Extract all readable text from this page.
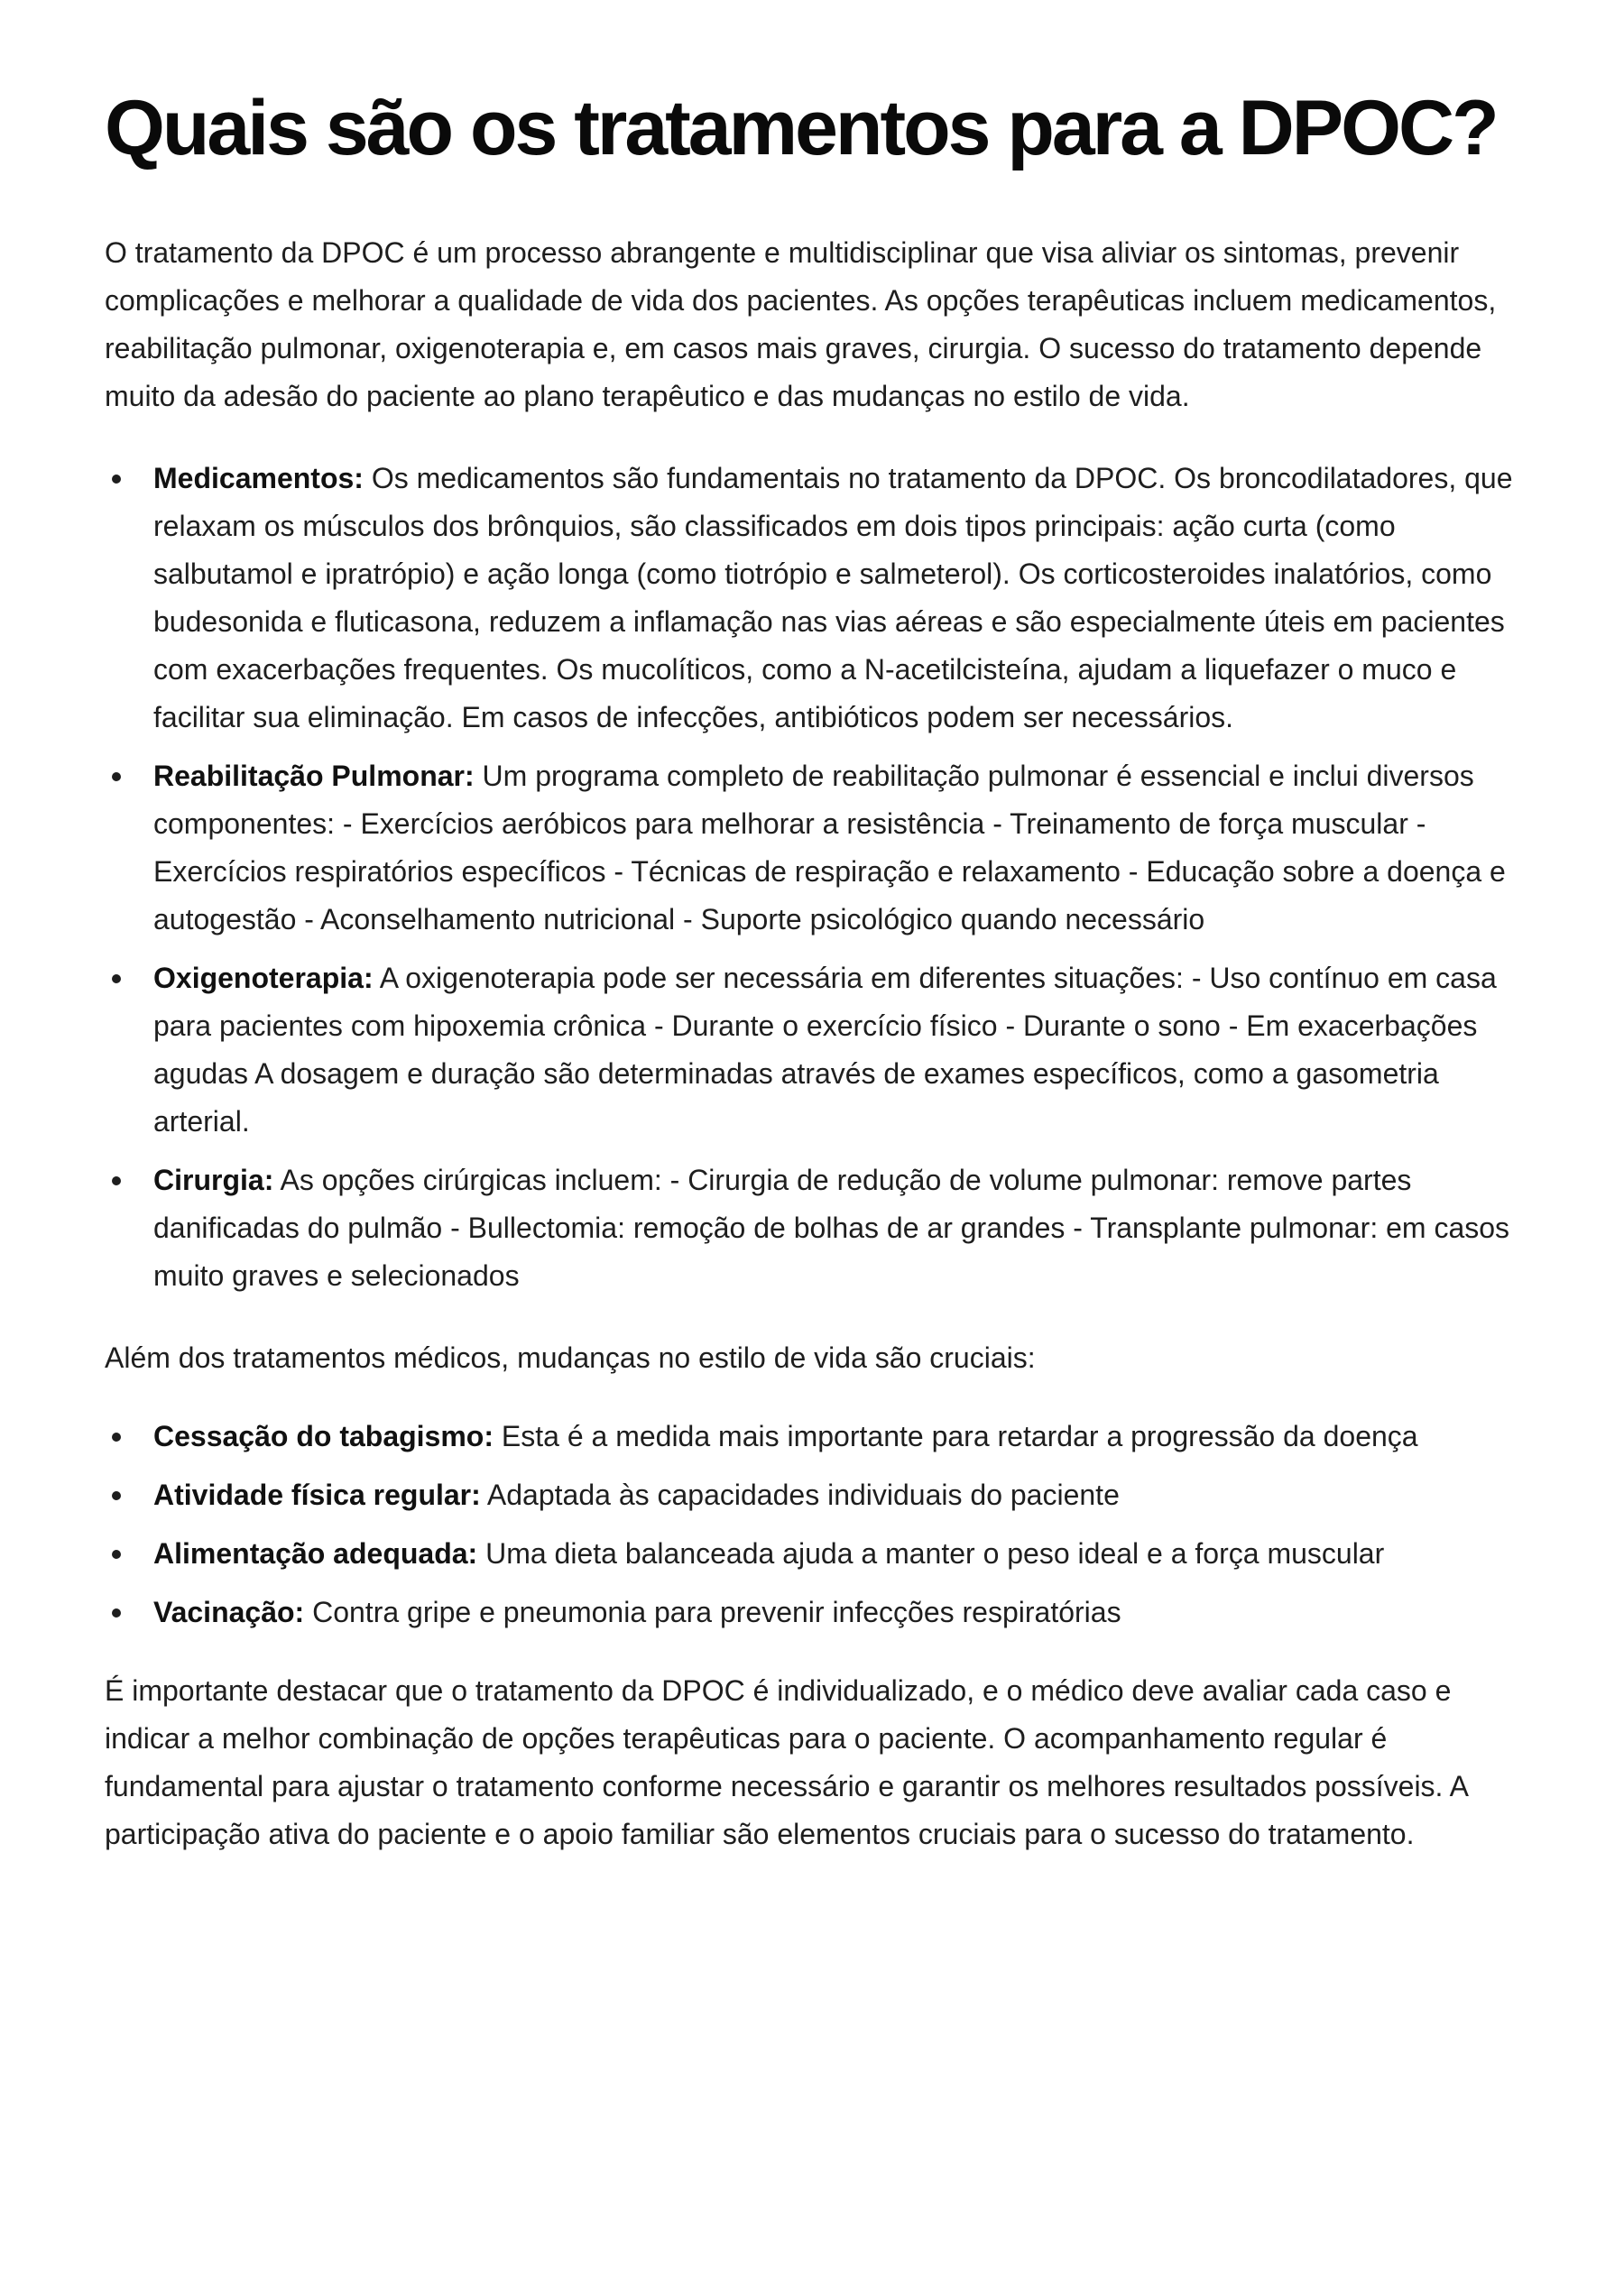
Quais são os tratamentos para a DPOC?

O tratamento da DPOC é um processo abrangente e multidisciplinar que visa aliviar os sintomas, prevenir complicações e melhorar a qualidade de vida dos pacientes. As opções terapêuticas incluem medicamentos, reabilitação pulmonar, oxigenoterapia e, em casos mais graves, cirurgia. O sucesso do tratamento depende muito da adesão do paciente ao plano terapêutico e das mudanças no estilo de vida.

Medicamentos: Os medicamentos são fundamentais no tratamento da DPOC. Os broncodilatadores, que relaxam os músculos dos brônquios, são classificados em dois tipos principais: ação curta (como salbutamol e ipratrópio) e ação longa (como tiotrópio e salmeterol). Os corticosteroides inalatórios, como budesonida e fluticasona, reduzem a inflamação nas vias aéreas e são especialmente úteis em pacientes com exacerbações frequentes. Os mucolíticos, como a N-acetilcisteína, ajudam a liquefazer o muco e facilitar sua eliminação. Em casos de infecções, antibióticos podem ser necessários.
Reabilitação Pulmonar: Um programa completo de reabilitação pulmonar é essencial e inclui diversos componentes: - Exercícios aeróbicos para melhorar a resistência - Treinamento de força muscular - Exercícios respiratórios específicos - Técnicas de respiração e relaxamento - Educação sobre a doença e autogestão - Aconselhamento nutricional - Suporte psicológico quando necessário
Oxigenoterapia: A oxigenoterapia pode ser necessária em diferentes situações: - Uso contínuo em casa para pacientes com hipoxemia crônica - Durante o exercício físico - Durante o sono - Em exacerbações agudas A dosagem e duração são determinadas através de exames específicos, como a gasometria arterial.
Cirurgia: As opções cirúrgicas incluem: - Cirurgia de redução de volume pulmonar: remove partes danificadas do pulmão - Bullectomia: remoção de bolhas de ar grandes - Transplante pulmonar: em casos muito graves e selecionados

Além dos tratamentos médicos, mudanças no estilo de vida são cruciais:

Cessação do tabagismo: Esta é a medida mais importante para retardar a progressão da doença
Atividade física regular: Adaptada às capacidades individuais do paciente
Alimentação adequada: Uma dieta balanceada ajuda a manter o peso ideal e a força muscular
Vacinação: Contra gripe e pneumonia para prevenir infecções respiratórias

É importante destacar que o tratamento da DPOC é individualizado, e o médico deve avaliar cada caso e indicar a melhor combinação de opções terapêuticas para o paciente. O acompanhamento regular é fundamental para ajustar o tratamento conforme necessário e garantir os melhores resultados possíveis. A participação ativa do paciente e o apoio familiar são elementos cruciais para o sucesso do tratamento.
